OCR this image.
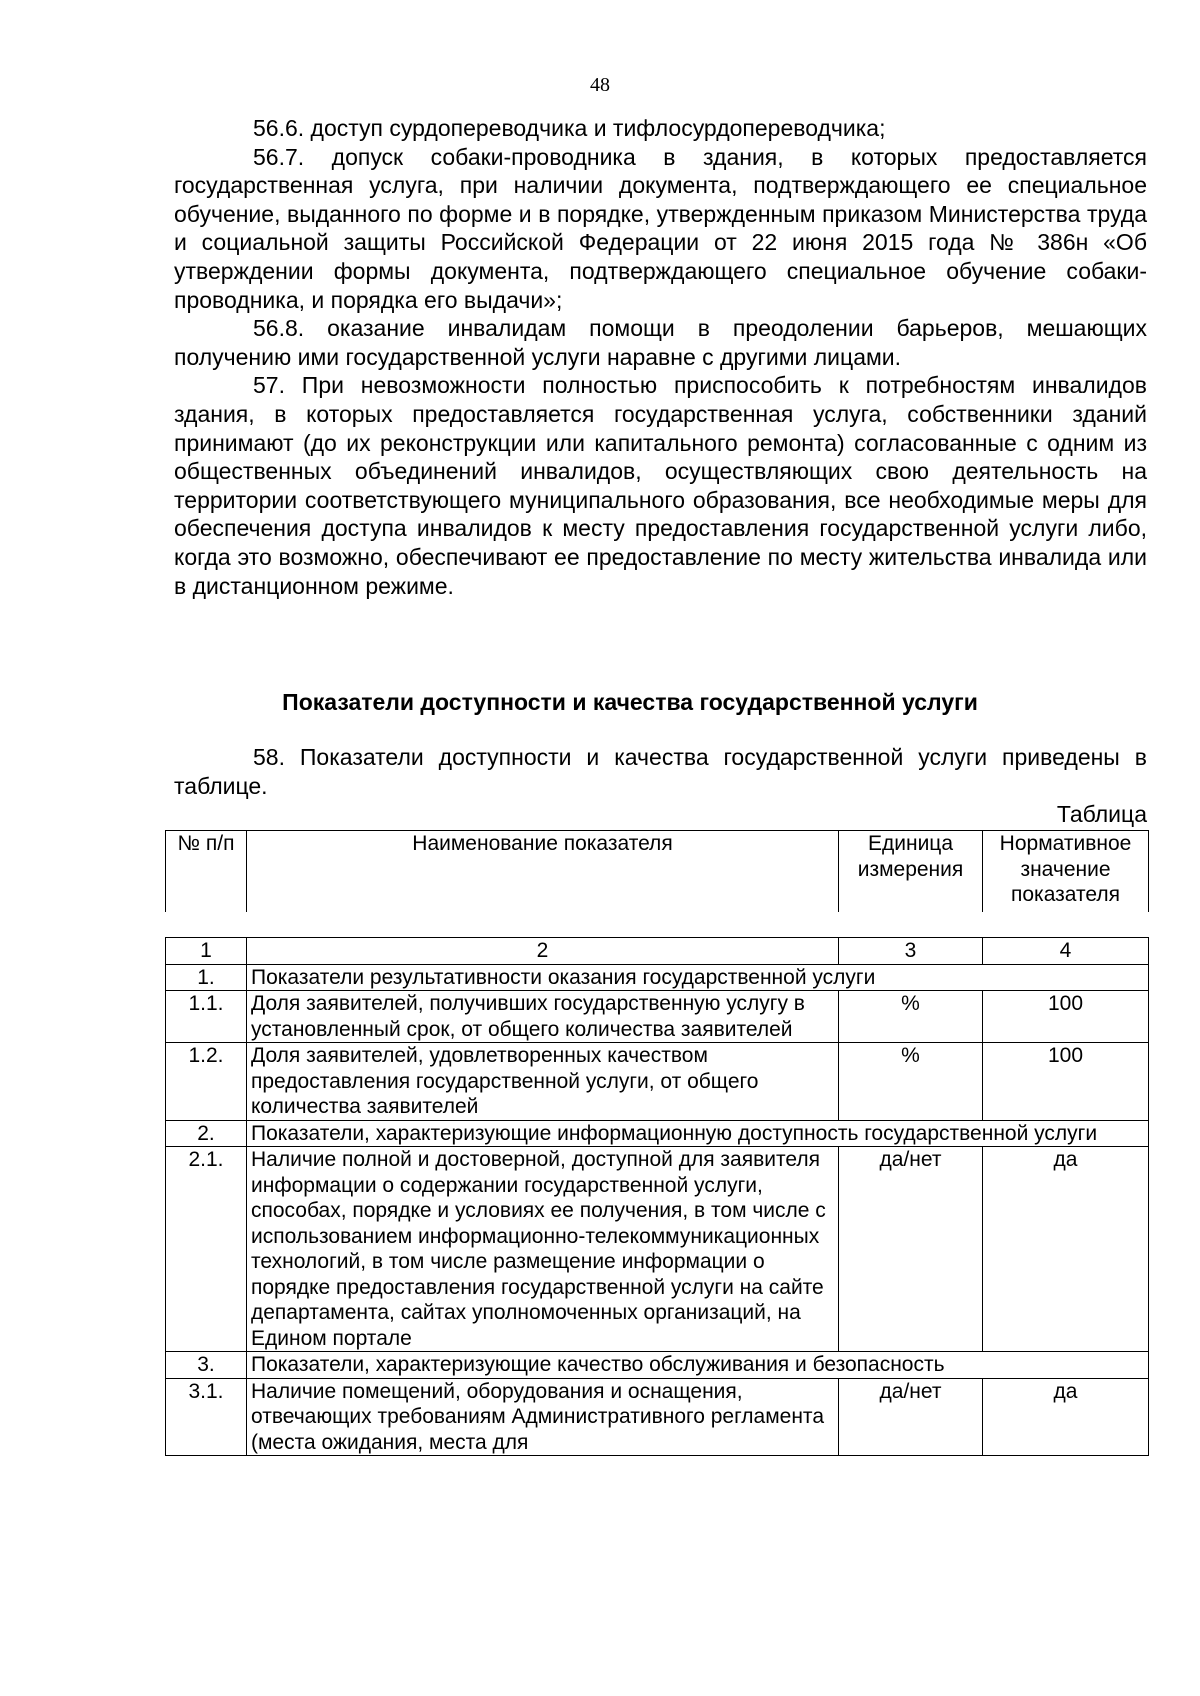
48

56.6. доступ сурдопереводчика и тифлосурдопереводчика;

56.7. допуск собаки-проводника в здания, в которых предоставляется государственная услуга, при наличии документа, подтверждающего ее специальное обучение, выданного по форме и в порядке, утвержденным приказом Министерства труда и социальной защиты Российской Федерации от 22 июня 2015 года № 386н «Об утверждении формы документа, подтверждающего специальное обучение собаки-проводника, и порядка его выдачи»;

56.8. оказание инвалидам помощи в преодолении барьеров, мешающих получению ими государственной услуги наравне с другими лицами.

57. При невозможности полностью приспособить к потребностям инвалидов здания, в которых предоставляется государственная услуга, собственники зданий принимают (до их реконструкции или капитального ремонта) согласованные с одним из общественных объединений инвалидов, осуществляющих свою деятельность на территории соответствующего муниципального образования, все необходимые меры для обеспечения доступа инвалидов к месту предоставления государственной услуги либо, когда это возможно, обеспечивают ее предоставление по месту жительства инвалида или в дистанционном режиме.

Показатели доступности и качества государственной услуги

58. Показатели доступности и качества государственной услуги приведены в таблице.

Таблица
№ п/п	Наименование показателя	Единица измерения	Нормативное значение показателя
1	2	3	4
1.	Показатели результативности оказания государственной услуги		
1.1.	Доля заявителей, получивших государственную услугу в установленный срок, от общего количества заявителей	%	100
1.2.	Доля заявителей, удовлетворенных качеством предоставления государственной услуги, от общего количества заявителей	%	100
2.	Показатели, характеризующие информационную доступность государственной услуги		
2.1.	Наличие полной и достоверной, доступной для заявителя информации о содержании государственной услуги, способах, порядке и условиях ее получения, в том числе с использованием информационно-телекоммуникационных технологий, в том числе размещение информации о порядке предоставления государственной услуги на сайте департамента, сайтах уполномоченных организаций, на Едином портале	да/нет	да
3.	Показатели, характеризующие качество обслуживания и безопасность		
3.1.	Наличие помещений, оборудования и оснащения, отвечающих требованиям Административного регламента (места ожидания, места для	да/нет	да
